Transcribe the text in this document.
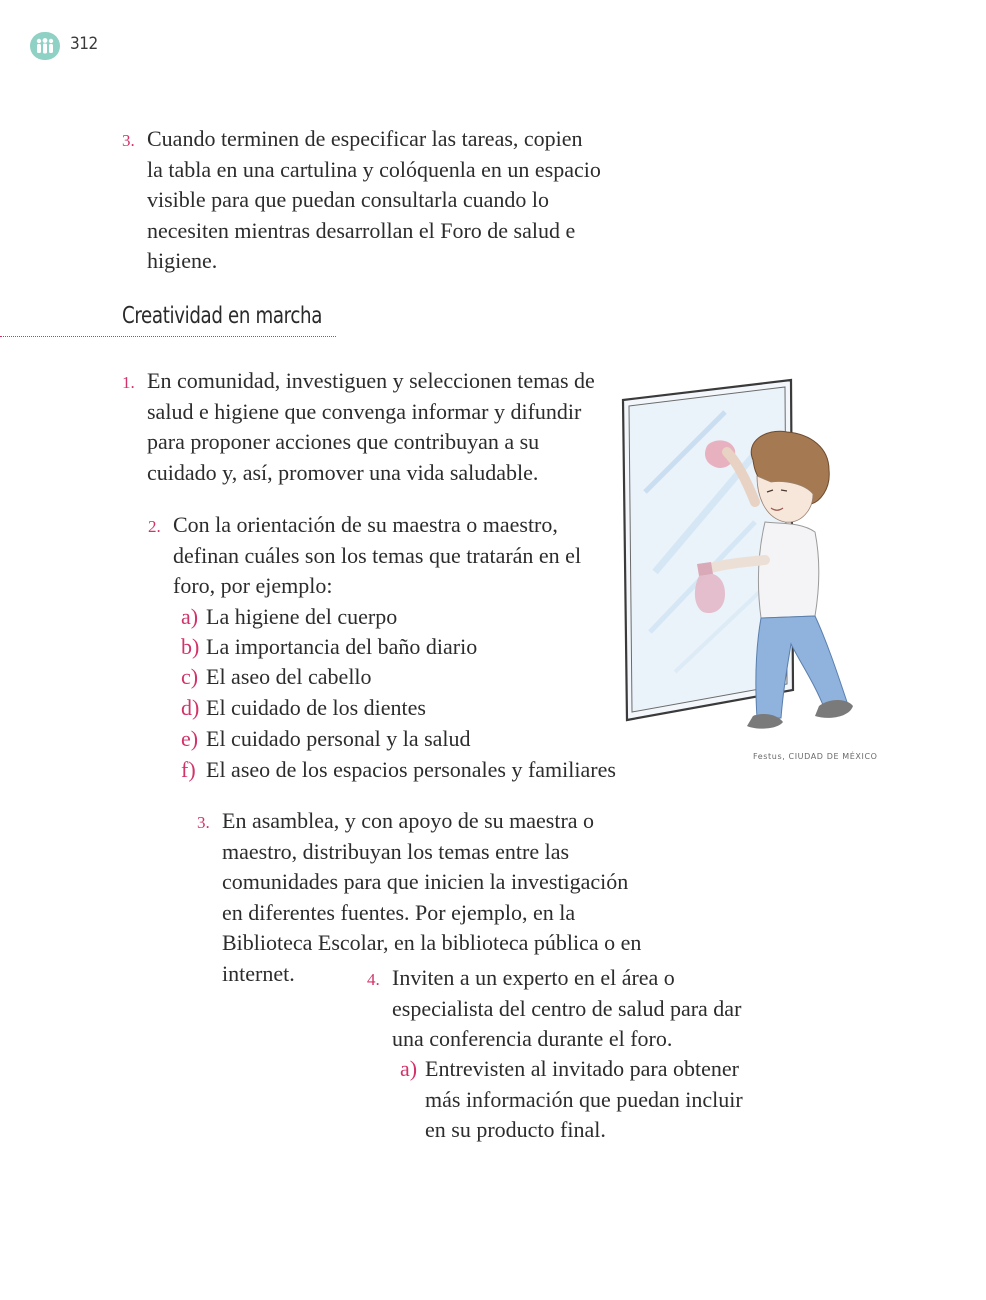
312
3. Cuando terminen de especificar las tareas, copien la tabla en una cartulina y colóquenla en un espacio visible para que puedan consultarla cuando lo necesiten mientras desarrollan el Foro de salud e higiene.
Creatividad en marcha
1. En comunidad, investiguen y seleccionen temas de salud e higiene que convenga informar y difundir para proponer acciones que contribuyan a su cuidado y, así, promover una vida saludable.
2. Con la orientación de su maestra o maestro, definan cuáles son los temas que tratarán en el foro, por ejemplo:
a) La higiene del cuerpo
b) La importancia del baño diario
c) El aseo del cabello
d) El cuidado de los dientes
e) El cuidado personal y la salud
f) El aseo de los espacios personales y familiares
3. En asamblea, y con apoyo de su maestra o maestro, distribuyan los temas entre las comunidades para que inicien la investigación en diferentes fuentes. Por ejemplo, en la Biblioteca Escolar, en la biblioteca pública o en internet.	4. Inviten a un experto en el área o especialista del centro de salud para dar una conferencia durante el foro.
a) Entrevisten al invitado para obtener más información que puedan incluir en su producto final.
Festus, CIUDAD DE MÉXICO
